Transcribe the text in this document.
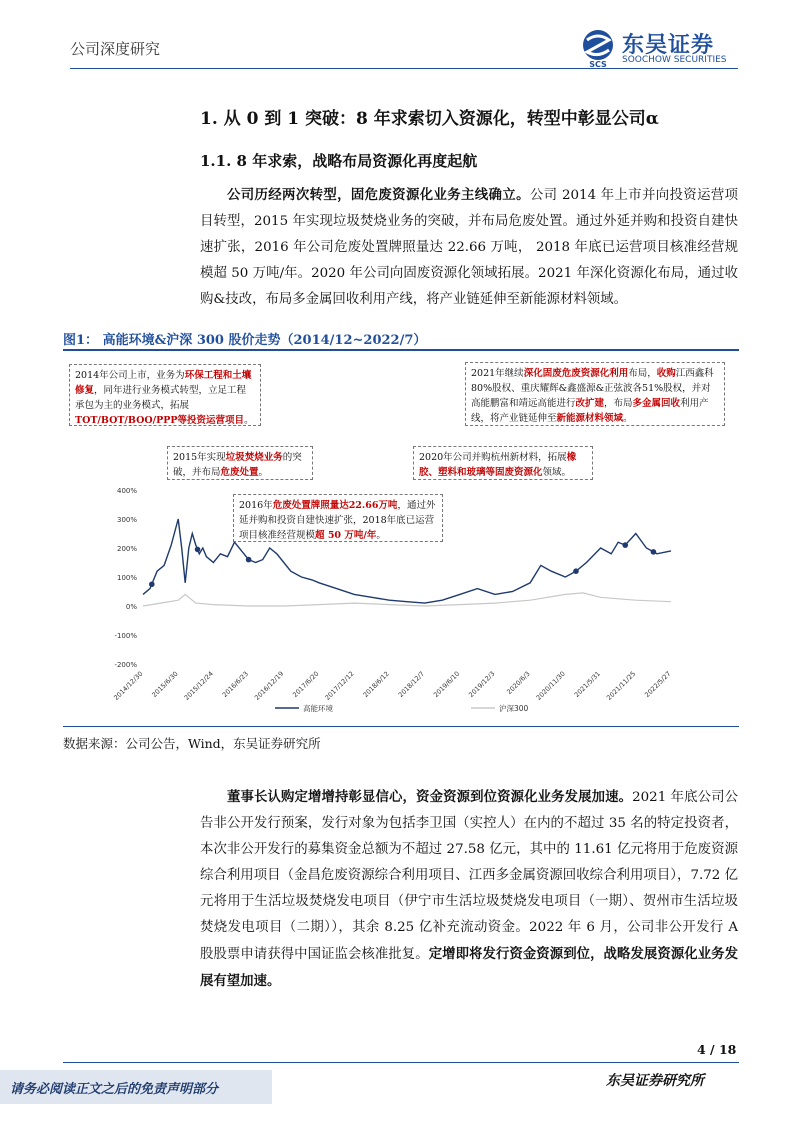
公司深度研究
SCS
东吴证券
SOOCHOW SECURITIES
1. 从 0 到 1 突破：8 年求索切入资源化，转型中彰显公司α
1.1. 8 年求索，战略布局资源化再度起航
公司历经两次转型，固危废资源化业务主线确立。公司 2014 年上市并向投资运营项目转型，2015 年实现垃圾焚烧业务的突破，并布局危废处置。通过外延并购和投资自建快速扩张，2016 年公司危废处置牌照量达 22.66 万吨， 2018 年底已运营项目核准经营规模超 50 万吨/年。2020 年公司向固废资源化领域拓展。2021 年深化资源化布局，通过收购&技改，布局多金属回收利用产线，将产业链延伸至新能源材料领域。
图1： 高能环境&沪深 300 股价走势（2014/12~2022/7）
400%
300%
200%
100%
0%
-100%
-200%
2014/12/30 2015/6/30 2015/12/24 2016/6/23 2016/12/19 2017/6/20 2017/12/12 2018/6/12 2018/12/7 2019/6/10 2019/12/3 2020/6/3 2020/11/30 2021/5/31 2021/11/25 2022/5/27
高能环境	沪深300
2014年公司上市，业务为环保工程和土壤修复，同年进行业务模式转型，立足工程承包为主的业务模式，拓展TOT/BOT/BOO/PPP等投资运营项目。
2015年实现垃圾焚烧业务的突破，并布局危废处置。
2016年危废处置牌照量达22.66万吨，通过外延并购和投资自建快速扩张，2018年底已运营项目核准经营规模超 50 万吨/年。
2020年公司并购杭州新材料，拓展橡胶、塑料和玻璃等固废资源化领域。
2021年继续深化固废危废资源化利用布局，收购江西鑫科80%股权、重庆耀辉&鑫盛源&正弦波各51%股权，并对高能鹏富和靖远高能进行改扩建，布局多金属回收利用产线，将产业链延伸至新能源材料领域。
数据来源：公司公告，Wind，东吴证券研究所
董事长认购定增增持彰显信心，资金资源到位资源化业务发展加速。2021 年底公司公告非公开发行预案，发行对象为包括李卫国（实控人）在内的不超过 35 名的特定投资者，本次非公开发行的募集资金总额为不超过 27.58 亿元，其中的 11.61 亿元将用于危废资源综合利用项目（金昌危废资源综合利用项目、江西多金属资源回收综合利用项目），7.72 亿元将用于生活垃圾焚烧发电项目（伊宁市生活垃圾焚烧发电项目（一期）、贺州市生活垃圾焚烧发电项目（二期）），其余 8.25 亿补充流动资金。2022 年 6 月，公司非公开发行 A 股股票申请获得中国证监会核准批复。定增即将发行资金资源到位，战略发展资源化业务发展有望加速。
4 / 18
请务必阅读正文之后的免责声明部分
东吴证券研究所
